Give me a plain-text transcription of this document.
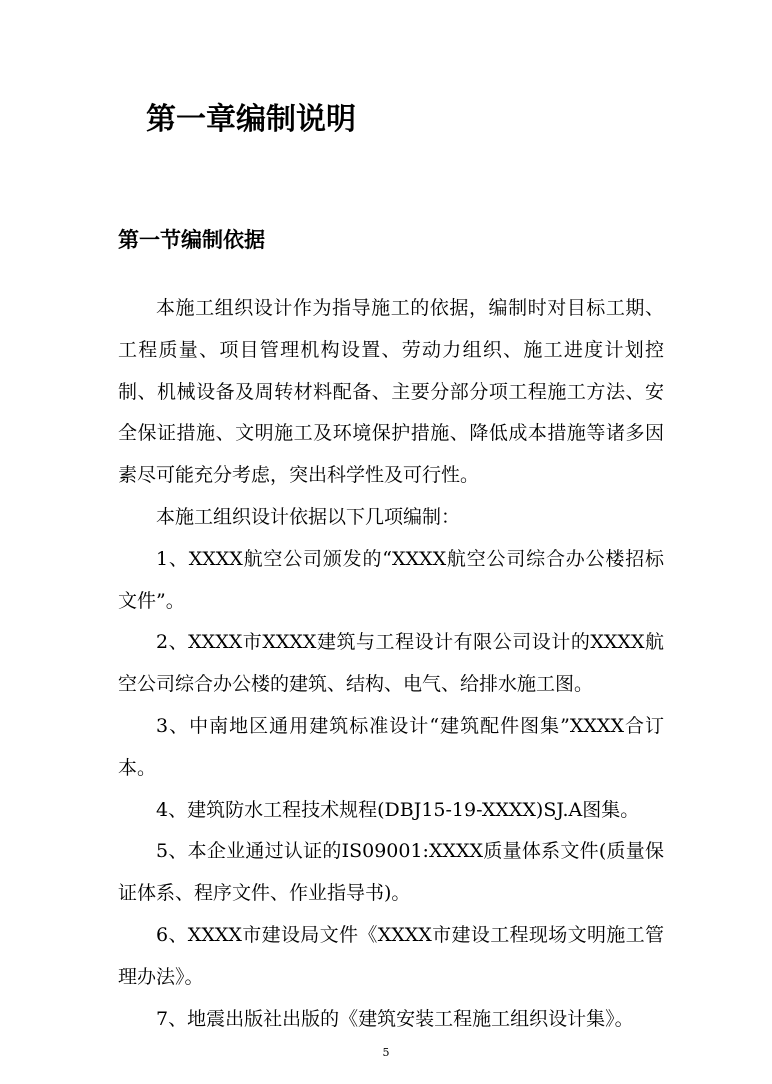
第一章编制说明
第一节编制依据

本施工组织设计作为指导施工的依据，编制时对目标工期、工程质量、项目管理机构设置、劳动力组织、施工进度计划控制、机械设备及周转材料配备、主要分部分项工程施工方法、安全保证措施、文明施工及环境保护措施、降低成本措施等诸多因素尽可能充分考虑，突出科学性及可行性。

本施工组织设计依据以下几项编制：

1、XXXX航空公司颁发的“XXXX航空公司综合办公楼招标文件”。

2、XXXX市XXXX建筑与工程设计有限公司设计的XXXX航空公司综合办公楼的建筑、结构、电气、给排水施工图。

3、中南地区通用建筑标准设计“建筑配件图集”XXXX合订本。

4、建筑防水工程技术规程(DBJ15-19-XXXX)SJ.A图集。

5、本企业通过认证的IS09001:XXXX质量体系文件(质量保证体系、程序文件、作业指导书)。

6、XXXX市建设局文件《XXXX市建设工程现场文明施工管理办法》。

7、地震出版社出版的《建筑安装工程施工组织设计集》。

5
